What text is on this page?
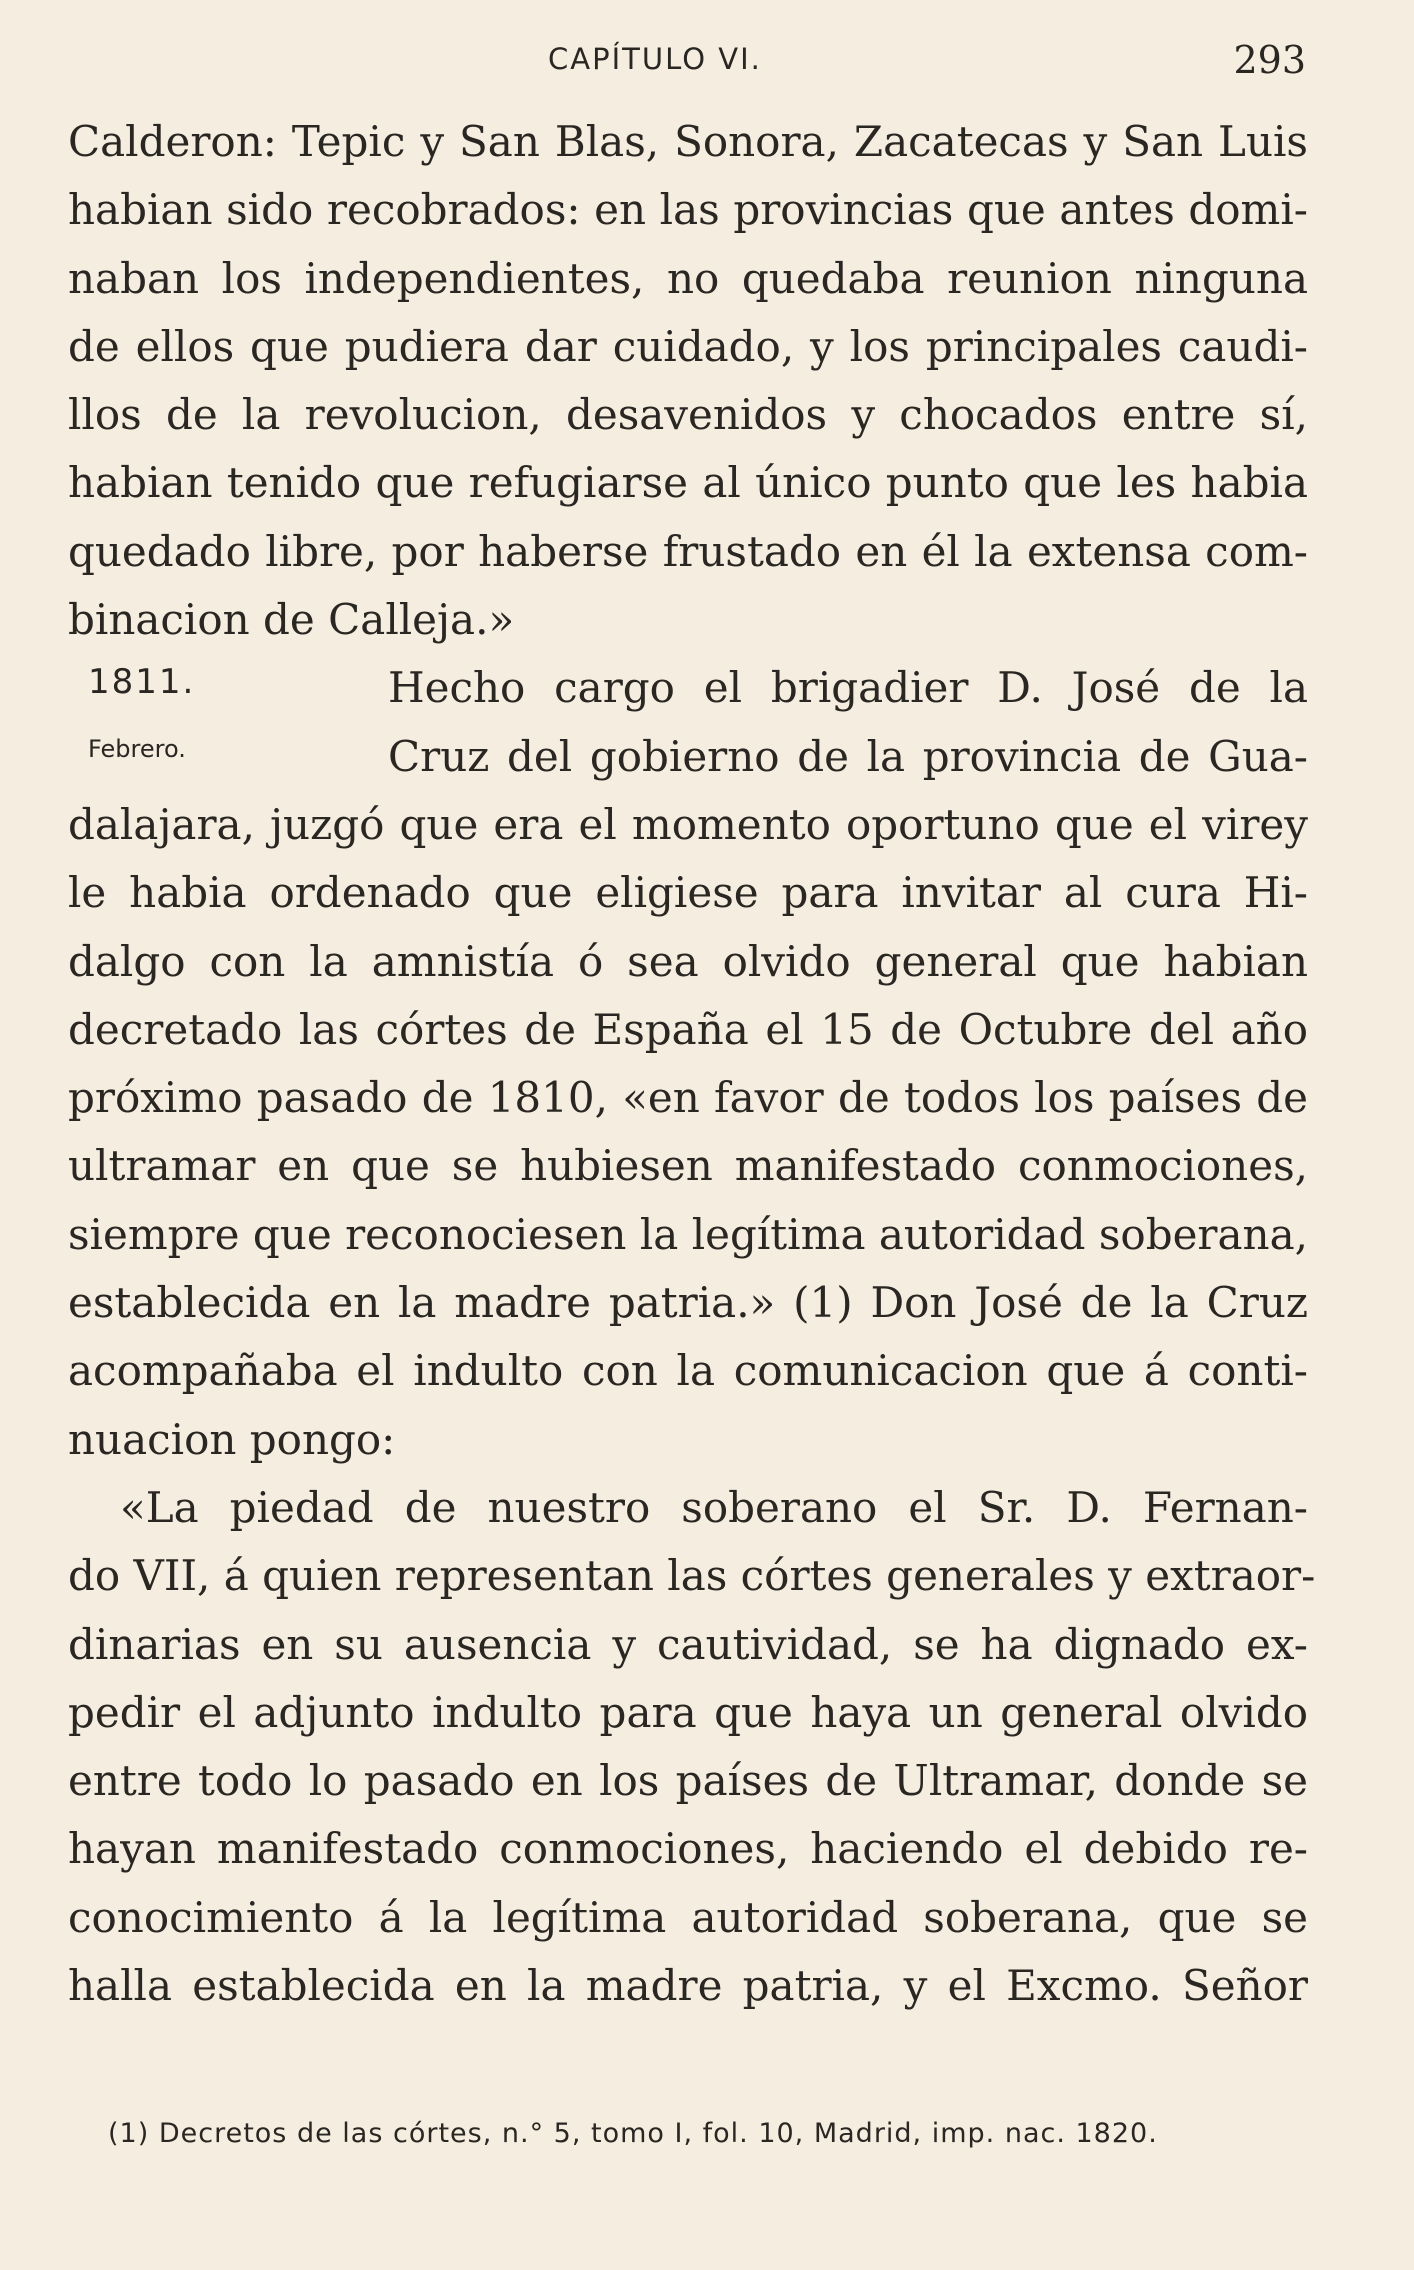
CAPÍTULO VI.	293
Calderon: Tepic y San Blas, Sonora, Zacatecas y San Luis
habian sido recobrados: en las provincias que antes domi-
naban los independientes, no quedaba reunion ninguna
de ellos que pudiera dar cuidado, y los principales caudi-
llos de la revolucion, desavenidos y chocados entre sí,
habian tenido que refugiarse al único punto que les habia
quedado libre, por haberse frustado en él la extensa com-
binacion de Calleja.»
1811.	Hecho cargo el brigadier D. José de la
Febrero.	Cruz del gobierno de la provincia de Gua-
dalajara, juzgó que era el momento oportuno que el virey
le habia ordenado que eligiese para invitar al cura Hi-
dalgo con la amnistía ó sea olvido general que habian
decretado las córtes de España el 15 de Octubre del año
próximo pasado de 1810, «en favor de todos los países de
ultramar en que se hubiesen manifestado conmociones,
siempre que reconociesen la legítima autoridad soberana,
establecida en la madre patria.» (1) Don José de la Cruz
acompañaba el indulto con la comunicacion que á conti-
nuacion pongo:
«La piedad de nuestro soberano el Sr. D. Fernan-
do VII, á quien representan las córtes generales y extraor-
dinarias en su ausencia y cautividad, se ha dignado ex-
pedir el adjunto indulto para que haya un general olvido
entre todo lo pasado en los países de Ultramar, donde se
hayan manifestado conmociones, haciendo el debido re-
conocimiento á la legítima autoridad soberana, que se
halla establecida en la madre patria, y el Excmo. Señor
(1) Decretos de las córtes, n.° 5, tomo I, fol. 10, Madrid, imp. nac. 1820.
